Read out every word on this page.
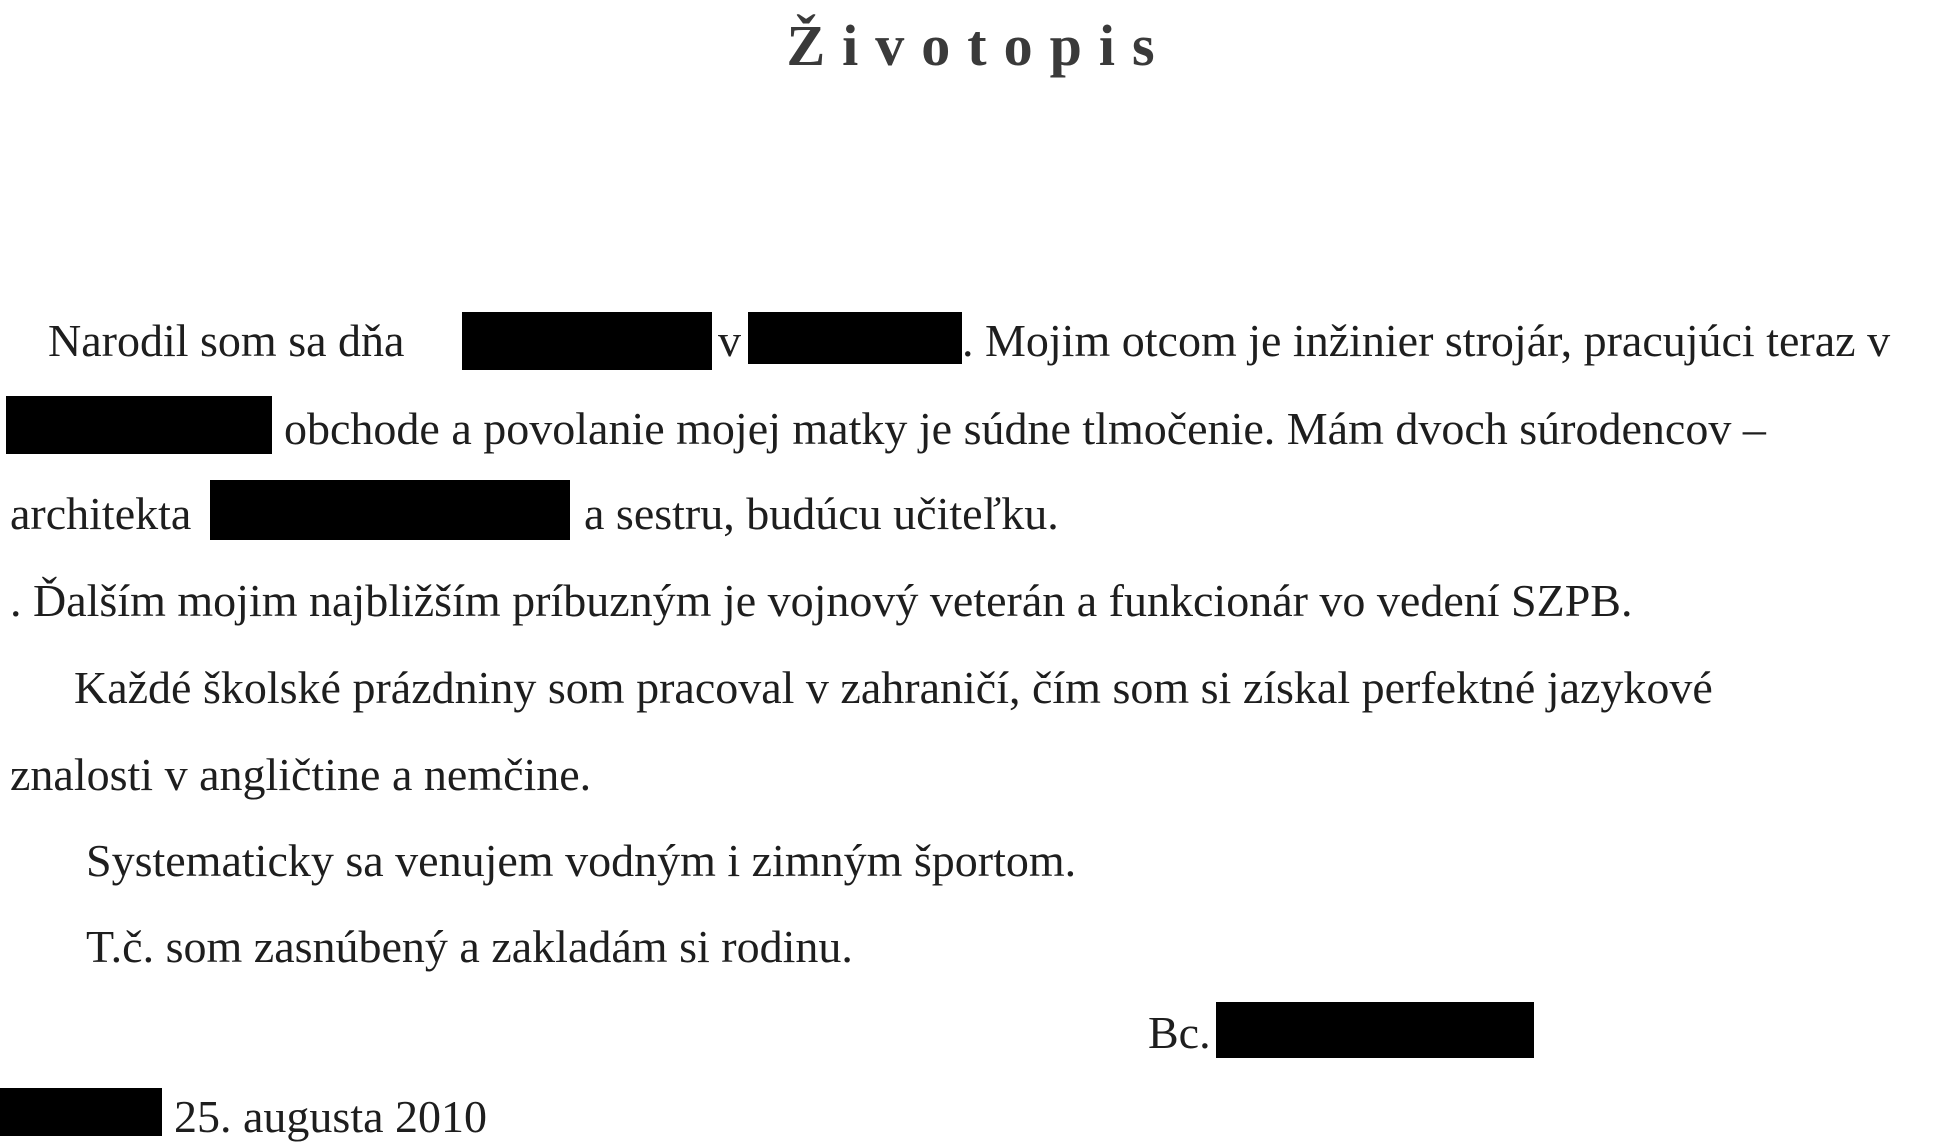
Životopis
Narodil som sa dňa	v	. Mojim otcom je inžinier strojár, pracujúci teraz v
obchode a povolanie mojej matky je súdne tlmočenie. Mám dvoch súrodencov –
architekta	a sestru, budúcu učiteľku.
. Ďalším mojim najbližším príbuzným je vojnový veterán a funkcionár vo vedení SZPB.
Každé školské prázdniny som pracoval v zahraničí, čím som si získal perfektné jazykové
znalosti v angličtine a nemčine.
Systematicky sa venujem vodným i zimným športom.
T.č. som zasnúbený a zakladám si rodinu.
Bc.
25. augusta 2010
